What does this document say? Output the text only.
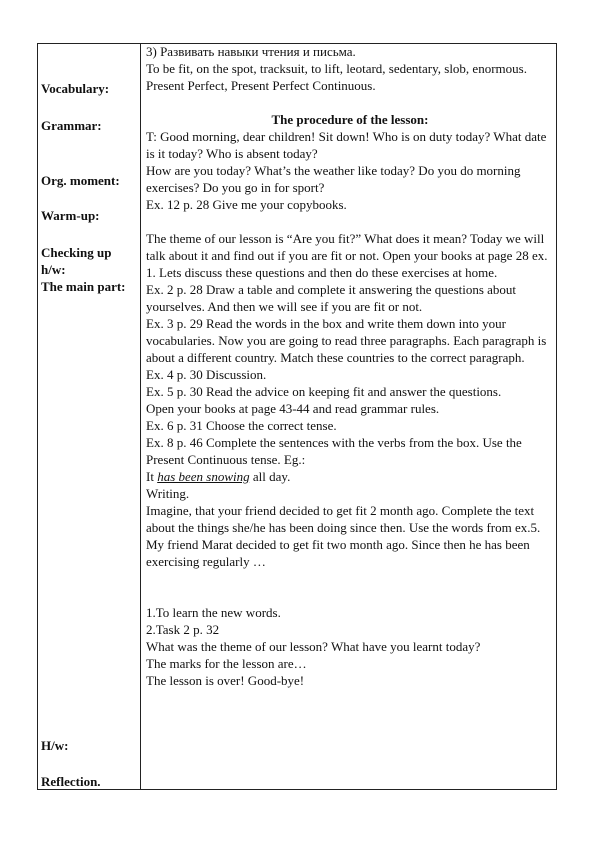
Vocabulary:
Grammar:
Org. moment:
Warm-up:
Checking up
h/w:
The main part:
H/w:
Reflection.
3) Развивать навыки чтения и письма.
To be fit, on the spot, tracksuit, to lift, leotard, sedentary, slob, enormous.
Present Perfect, Present Perfect Continuous.
The procedure of the lesson:
T: Good morning, dear children! Sit down! Who is on duty today? What date is it today? Who is absent today?
How are you today? What’s the weather like today? Do you do morning exercises? Do you go in for sport?
Ex. 12 p. 28 Give me your copybooks.
The theme of our lesson is “Are you fit?” What does it mean? Today we will talk about it and find out if you are fit or not. Open your books at page 28 ex. 1. Lets discuss these questions and then do these exercises at home.
Ex. 2 p. 28 Draw a table and complete it answering the questions about yourselves. And then we will see if you are fit or not.
Ex. 3 p. 29 Read the words in the box and write them down into your vocabularies. Now you are going to read three paragraphs. Each paragraph is about a different country. Match these countries to the correct paragraph.
Ex. 4 p. 30 Discussion.
Ex. 5 p. 30 Read the advice on keeping fit and answer the questions.
Open your books at page 43-44 and read grammar rules.
Ex. 6 p. 31 Choose the correct tense.
Ex. 8 p. 46 Complete the sentences with the verbs from the box. Use the Present Continuous tense. Eg.:
It has been snowing all day.
Writing.
Imagine, that your friend decided to get fit 2 month ago. Complete the text about the things she/he has been doing since then. Use the words from ex.5.
My friend Marat decided to get fit two month ago. Since then he has been exercising regularly …
1.To learn the new words.
2.Task 2 p. 32
What was the theme of our lesson? What have you learnt today?
The marks for the lesson are…
The lesson is over! Good-bye!
